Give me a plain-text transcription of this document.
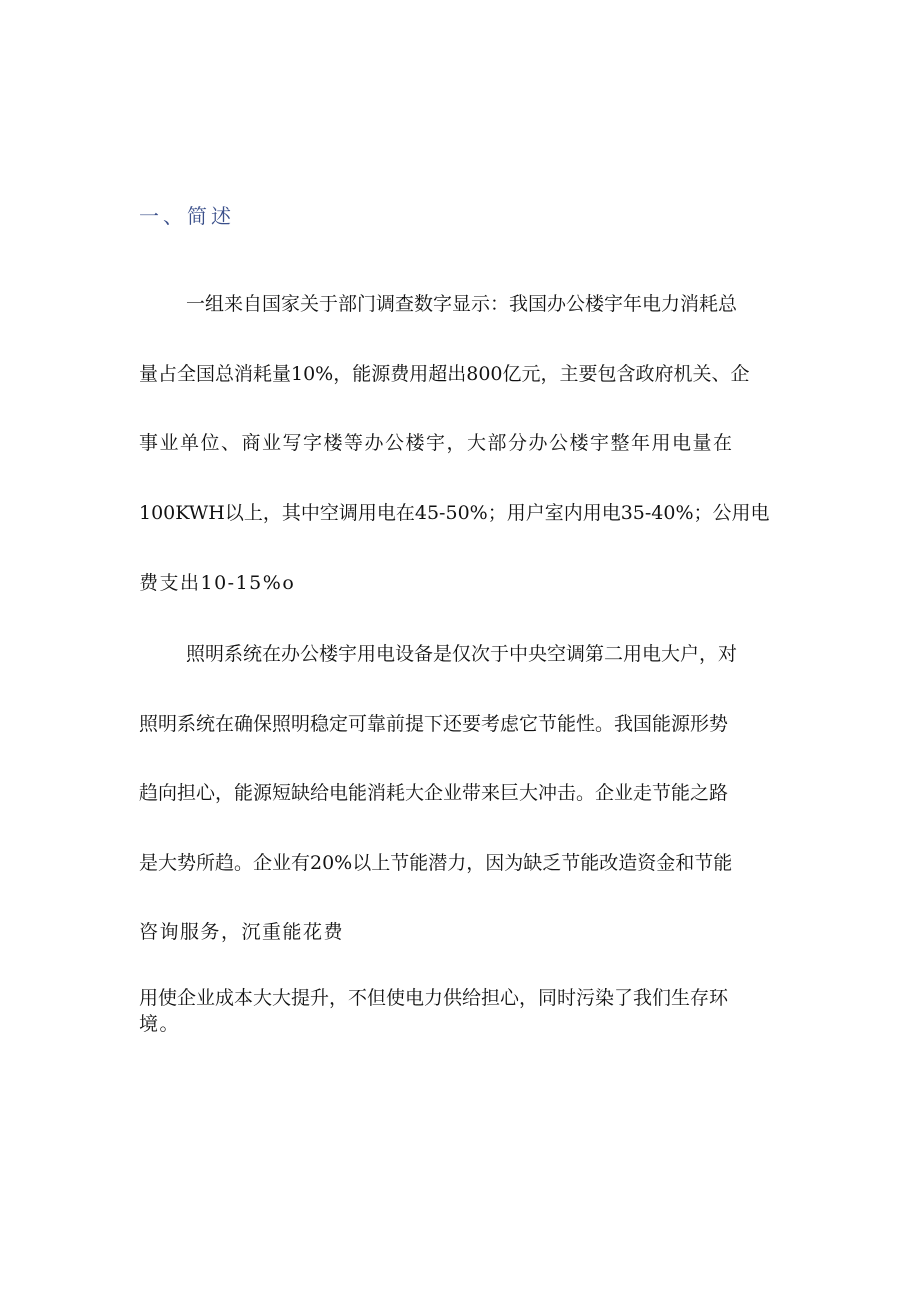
一、简述
一组来自国家关于部门调查数字显示：我国办公楼宇年电力消耗总
量占全国总消耗量10%，能源费用超出800亿元，主要包含政府机关、企
事业单位、商业写字楼等办公楼宇，大部分办公楼宇整年用电量在
100KWH以上，其中空调用电在45-50%；用户室内用电35-40%；公用电
费支出10-15%o
照明系统在办公楼宇用电设备是仅次于中央空调第二用电大户，对
照明系统在确保照明稳定可靠前提下还要考虑它节能性。我国能源形势
趋向担心，能源短缺给电能消耗大企业带来巨大冲击。企业走节能之路
是大势所趋。企业有20%以上节能潜力，因为缺乏节能改造资金和节能
咨询服务，沉重能花费
用使企业成本大大提升，不但使电力供给担心，同时污染了我们生存环
境。
